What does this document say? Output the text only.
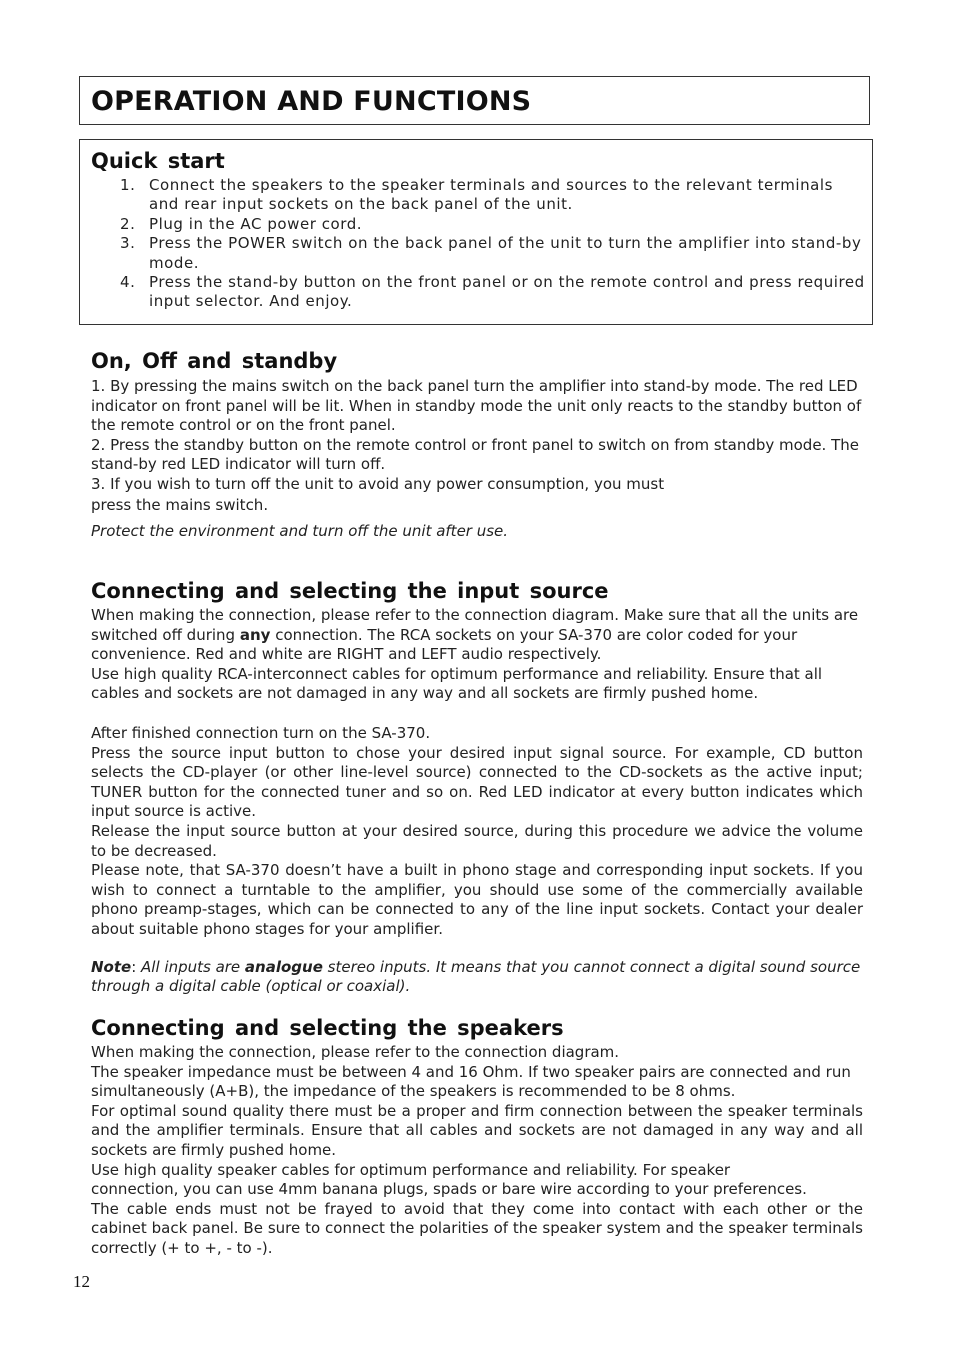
OPERATION AND FUNCTIONS
Quick start
1. Connect the speakers to the speaker terminals and sources to the relevant terminals and rear input sockets on the back panel of the unit.
2. Plug in the AC power cord.
3. Press the POWER switch on the back panel of the unit to turn the amplifier into stand-by mode.
4. Press the stand-by button on the front panel or on the remote control and press required input selector. And enjoy.
On, Off and standby

1. By pressing the mains switch on the back panel turn the amplifier into stand-by mode. The red LED indicator on front panel will be lit. When in standby mode the unit only reacts to the standby button of the remote control or on the front panel.

2. Press the standby button on the remote control or front panel to switch on from standby mode. The stand-by red LED indicator will turn off.

3. If you wish to turn off the unit to avoid any power consumption, you must

press the mains switch.

Protect the environment and turn off the unit after use.

Connecting and selecting the input source

When making the connection, please refer to the connection diagram. Make sure that all the units are switched off during any connection. The RCA sockets on your SA-370 are color coded for your convenience. Red and white are RIGHT and LEFT audio respectively.

Use high quality RCA-interconnect cables for optimum performance and reliability. Ensure that all cables and sockets are not damaged in any way and all sockets are firmly pushed home.

After finished connection turn on the SA-370.

Press the source input button to chose your desired input signal source. For example, CD button selects the CD-player (or other line-level source) connected to the CD-sockets as the active input; TUNER button for the connected tuner and so on. Red LED indicator at every button indicates which input source is active.

Release the input source button at your desired source, during this procedure we advice the volume to be decreased.

Please note, that SA-370 doesn’t have a built in phono stage and corresponding input sockets. If you wish to connect a turntable to the amplifier, you should use some of the commercially available phono preamp-stages, which can be connected to any of the line input sockets. Contact your dealer about suitable phono stages for your amplifier.

Note: All inputs are analogue stereo inputs. It means that you cannot connect a digital sound source through a digital cable (optical or coaxial).

Connecting and selecting the speakers

When making the connection, please refer to the connection diagram.

The speaker impedance must be between 4 and 16 Ohm. If two speaker pairs are connected and run simultaneously (A+B), the impedance of the speakers is recommended to be 8 ohms.

For optimal sound quality there must be a proper and firm connection between the speaker terminals and the amplifier terminals. Ensure that all cables and sockets are not damaged in any way and all sockets are firmly pushed home.

Use high quality speaker cables for optimum performance and reliability. For speaker

connection, you can use 4mm banana plugs, spads or bare wire according to your preferences.

The cable ends must not be frayed to avoid that they come into contact with each other or the cabinet back panel. Be sure to connect the polarities of the speaker system and the speaker terminals correctly (+ to +, - to -).

12
